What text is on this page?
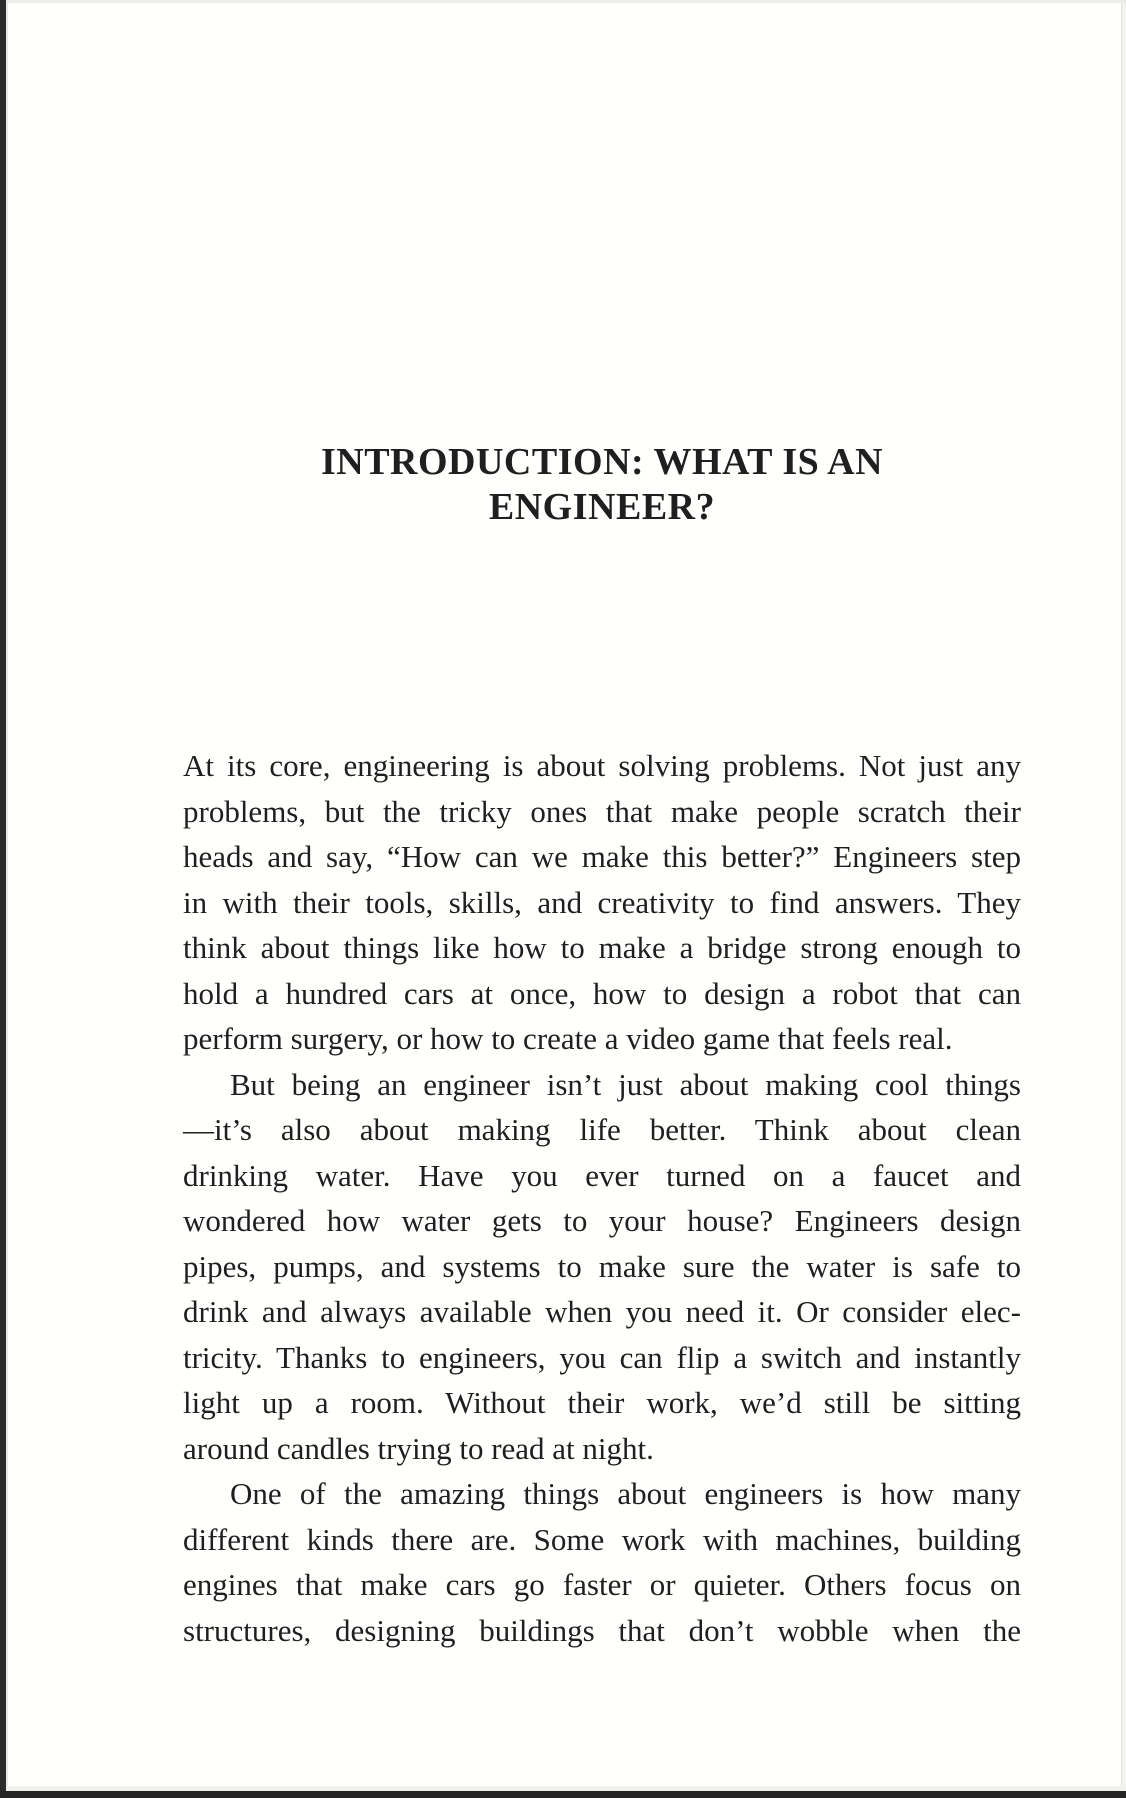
INTRODUCTION: WHAT IS AN
ENGINEER?
At its core, engineering is about solving problems. Not just any
problems, but the tricky ones that make people scratch their
heads and say, “How can we make this better?” Engineers step
in with their tools, skills, and creativity to find answers. They
think about things like how to make a bridge strong enough to
hold a hundred cars at once, how to design a robot that can
perform surgery, or how to create a video game that feels real.
But being an engineer isn’t just about making cool things
—it’s also about making life better. Think about clean
drinking water. Have you ever turned on a faucet and
wondered how water gets to your house? Engineers design
pipes, pumps, and systems to make sure the water is safe to
drink and always available when you need it. Or consider elec-
tricity. Thanks to engineers, you can flip a switch and instantly
light up a room. Without their work, we’d still be sitting
around candles trying to read at night.
One of the amazing things about engineers is how many
different kinds there are. Some work with machines, building
engines that make cars go faster or quieter. Others focus on
structures, designing buildings that don’t wobble when the
